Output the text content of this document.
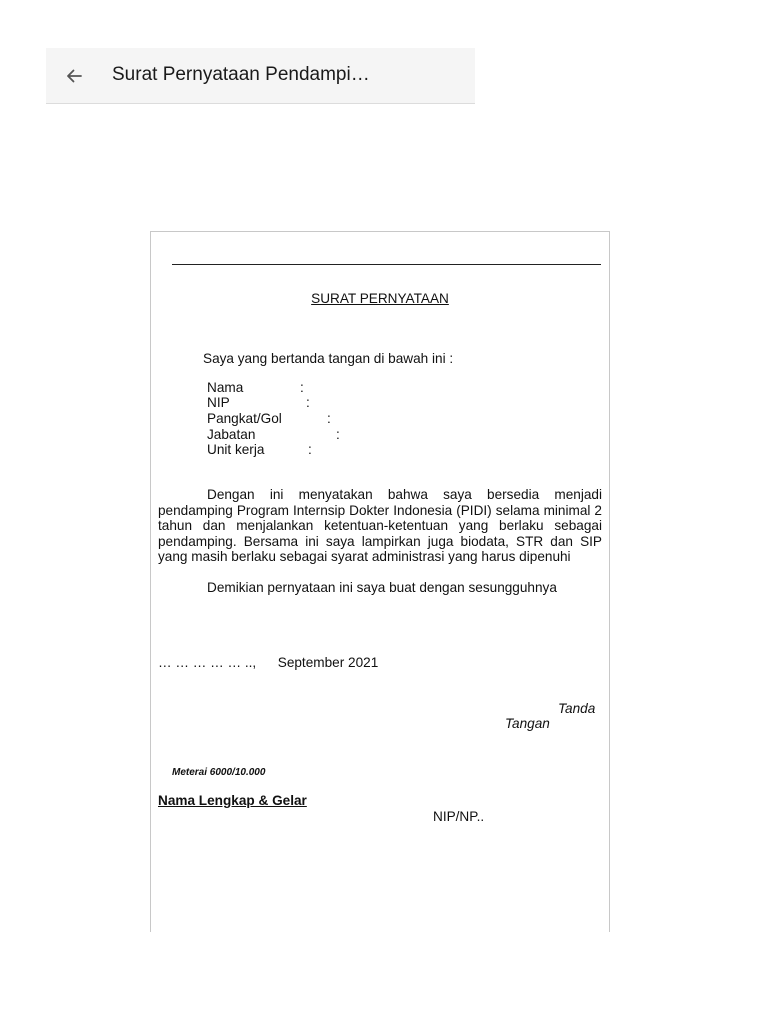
Surat Pernyataan Pendampi…
SURAT PERNYATAAN
Saya yang bertanda tangan di bawah ini :
Nama	:
NIP	:
Pangkat/Gol	:
Jabatan	:
Unit kerja	:
Dengan ini menyatakan bahwa saya bersedia menjadi pendamping Program Internsip Dokter Indonesia (PIDI) selama minimal 2 tahun dan menjalankan ketentuan-ketentuan yang berlaku sebagai pendamping. Bersama ini saya lampirkan juga biodata, STR dan SIP yang masih berlaku sebagai syarat administrasi yang harus dipenuhi
Demikian pernyataan ini saya buat dengan sesungguhnya
… … … … … .., September 2021
Tanda
Tangan
Meterai 6000/10.000
Nama Lengkap & Gelar
NIP/NP..
